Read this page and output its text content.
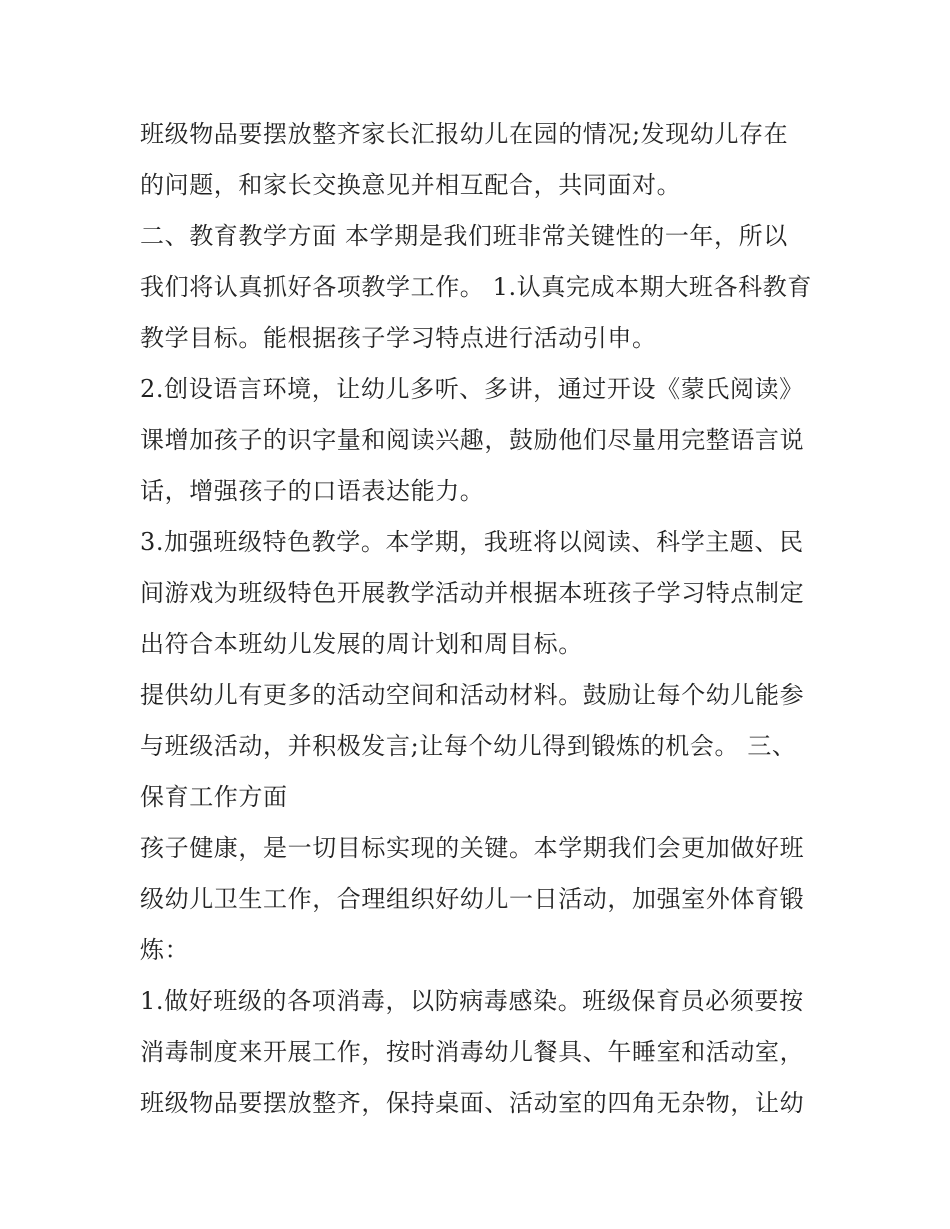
班级物品要摆放整齐家长汇报幼儿在园的情况;发现幼儿存在
的问题，和家长交换意见并相互配合，共同面对。
二、教育教学方面 本学期是我们班非常关键性的一年，所以
我们将认真抓好各项教学工作。 1.认真完成本期大班各科教育
教学目标。能根据孩子学习特点进行活动引申。
2.创设语言环境，让幼儿多听、多讲，通过开设《蒙氏阅读》
课增加孩子的识字量和阅读兴趣，鼓励他们尽量用完整语言说
话，增强孩子的口语表达能力。
3.加强班级特色教学。本学期，我班将以阅读、科学主题、民
间游戏为班级特色开展教学活动并根据本班孩子学习特点制定
出符合本班幼儿发展的周计划和周目标。
提供幼儿有更多的活动空间和活动材料。鼓励让每个幼儿能参
与班级活动，并积极发言;让每个幼儿得到锻炼的机会。 三、
保育工作方面
孩子健康，是一切目标实现的关键。本学期我们会更加做好班
级幼儿卫生工作，合理组织好幼儿一日活动，加强室外体育锻
炼：
1.做好班级的各项消毒，以防病毒感染。班级保育员必须要按
消毒制度来开展工作，按时消毒幼儿餐具、午睡室和活动室，
班级物品要摆放整齐，保持桌面、活动室的四角无杂物，让幼
